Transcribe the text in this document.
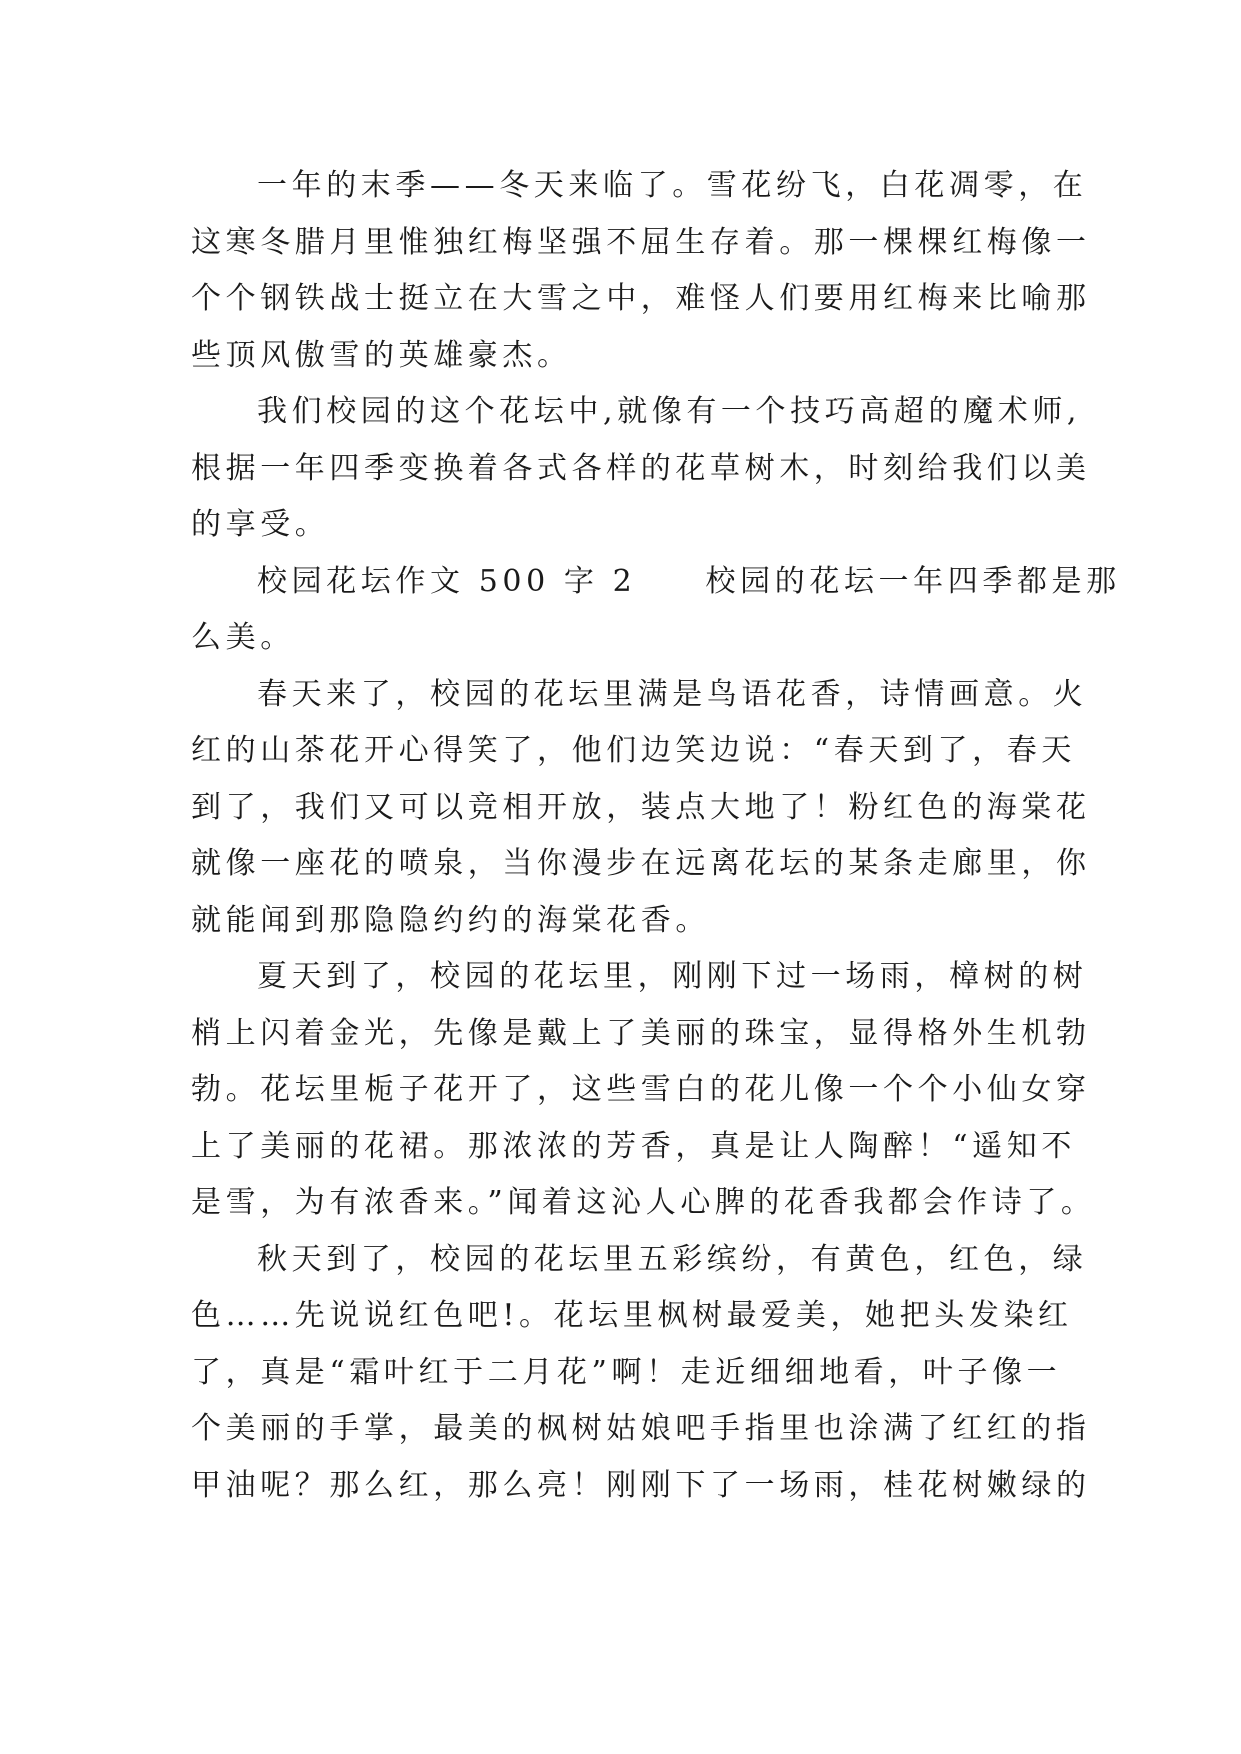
一年的末季——冬天来临了。雪花纷飞，白花凋零，在
这寒冬腊月里惟独红梅坚强不屈生存着。那一棵棵红梅像一
个个钢铁战士挺立在大雪之中，难怪人们要用红梅来比喻那
些顶风傲雪的英雄豪杰。
我们校园的这个花坛中,就像有一个技巧高超的魔术师,
根据一年四季变换着各式各样的花草树木，时刻给我们以美
的享受。
校园花坛作文 500 字 2　　校园的花坛一年四季都是那
么美。
春天来了，校园的花坛里满是鸟语花香，诗情画意。火
红的山茶花开心得笑了，他们边笑边说：“春天到了，春天
到了，我们又可以竞相开放，装点大地了！粉红色的海棠花
就像一座花的喷泉，当你漫步在远离花坛的某条走廊里，你
就能闻到那隐隐约约的海棠花香。
夏天到了，校园的花坛里，刚刚下过一场雨，樟树的树
梢上闪着金光，先像是戴上了美丽的珠宝，显得格外生机勃
勃。花坛里栀子花开了，这些雪白的花儿像一个个小仙女穿
上了美丽的花裙。那浓浓的芳香，真是让人陶醉！“遥知不
是雪，为有浓香来。”闻着这沁人心脾的花香我都会作诗了。
秋天到了，校园的花坛里五彩缤纷，有黄色，红色，绿
色……先说说红色吧!。花坛里枫树最爱美，她把头发染红
了，真是“霜叶红于二月花”啊！走近细细地看，叶子像一
个美丽的手掌，最美的枫树姑娘吧手指里也涂满了红红的指
甲油呢？那么红，那么亮！刚刚下了一场雨，桂花树嫩绿的
